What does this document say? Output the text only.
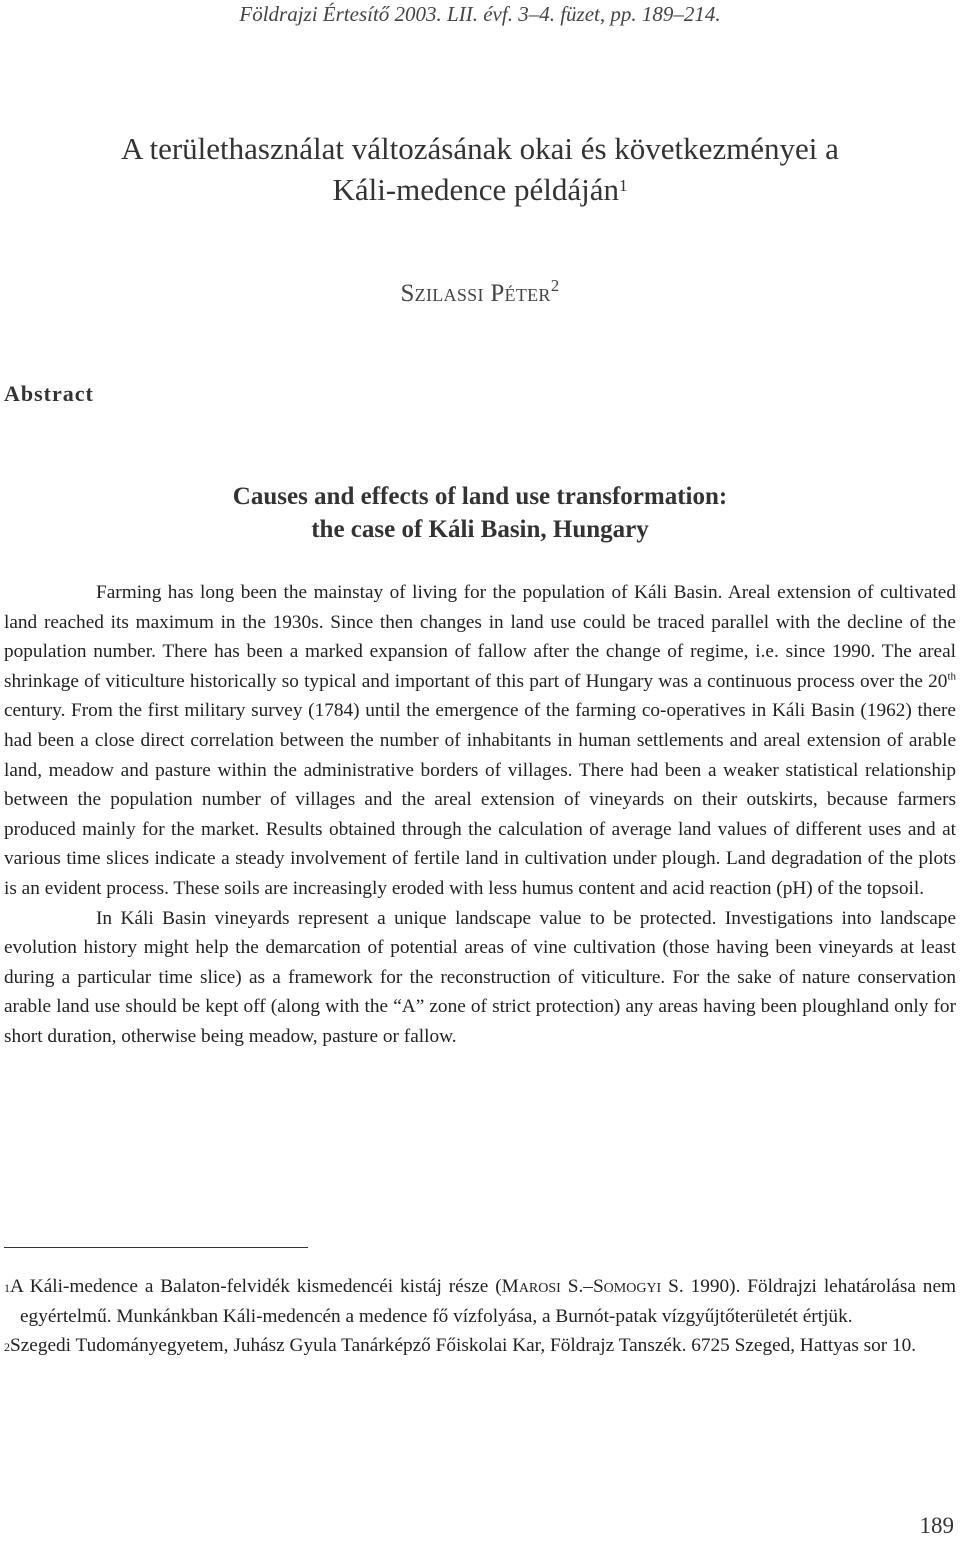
Földrajzi Értesítő 2003. LII. évf. 3–4. füzet, pp. 189–214.
A területhasználat változásának okai és következményei a
Káli-medence példáján$^1$
Szilassi Péter$^2$
Abstract
Causes and effects of land use transformation:
the case of Káli Basin, Hungary

Farming has long been the mainstay of living for the population of Káli Basin. Areal extension of cultivated land reached its maximum in the 1930s. Since then changes in land use could be traced parallel with the decline of the population number. There has been a marked expansion of fallow after the change of regime, i.e. since 1990. The areal shrinkage of viticulture historically so typical and important of this part of Hungary was a continuous process over the 20th century. From the first military survey (1784) until the emergence of the farming co-operatives in Káli Basin (1962) there had been a close direct correlation between the number of inhabitants in human settlements and areal extension of arable land, meadow and pasture within the administrative borders of villages. There had been a weaker statistical relationship between the population number of villages and the areal extension of vineyards on their outskirts, because farmers produced mainly for the market. Results obtained through the calculation of average land values of different uses and at various time slices indicate a steady involvement of fertile land in cultivation under plough. Land degradation of the plots is an evident process. These soils are increasingly eroded with less humus content and acid reaction (pH) of the topsoil.

In Káli Basin vineyards represent a unique landscape value to be protected. Investigations into landscape evolution history might help the demarcation of potential areas of vine cultivation (those having been vineyards at least during a particular time slice) as a framework for the reconstruction of viticulture. For the sake of nature conservation arable land use should be kept off (along with the “A” zone of strict protection) any areas having been ploughland only for short duration, otherwise being meadow, pasture or fallow.

$^1$A Káli-medence a Balaton-felvidék kismedencéi kistáj része (Marosi S.–Somogyi S. 1990). Földrajzi lehatárolása nem egyértelmű. Munkánkban Káli-medencén a medence fő vízfolyása, a Burnót-patak vízgyűjtőterületét értjük.

$^2$Szegedi Tudományegyetem, Juhász Gyula Tanárképző Főiskolai Kar, Földrajz Tanszék. 6725 Szeged, Hattyas sor 10.

189
